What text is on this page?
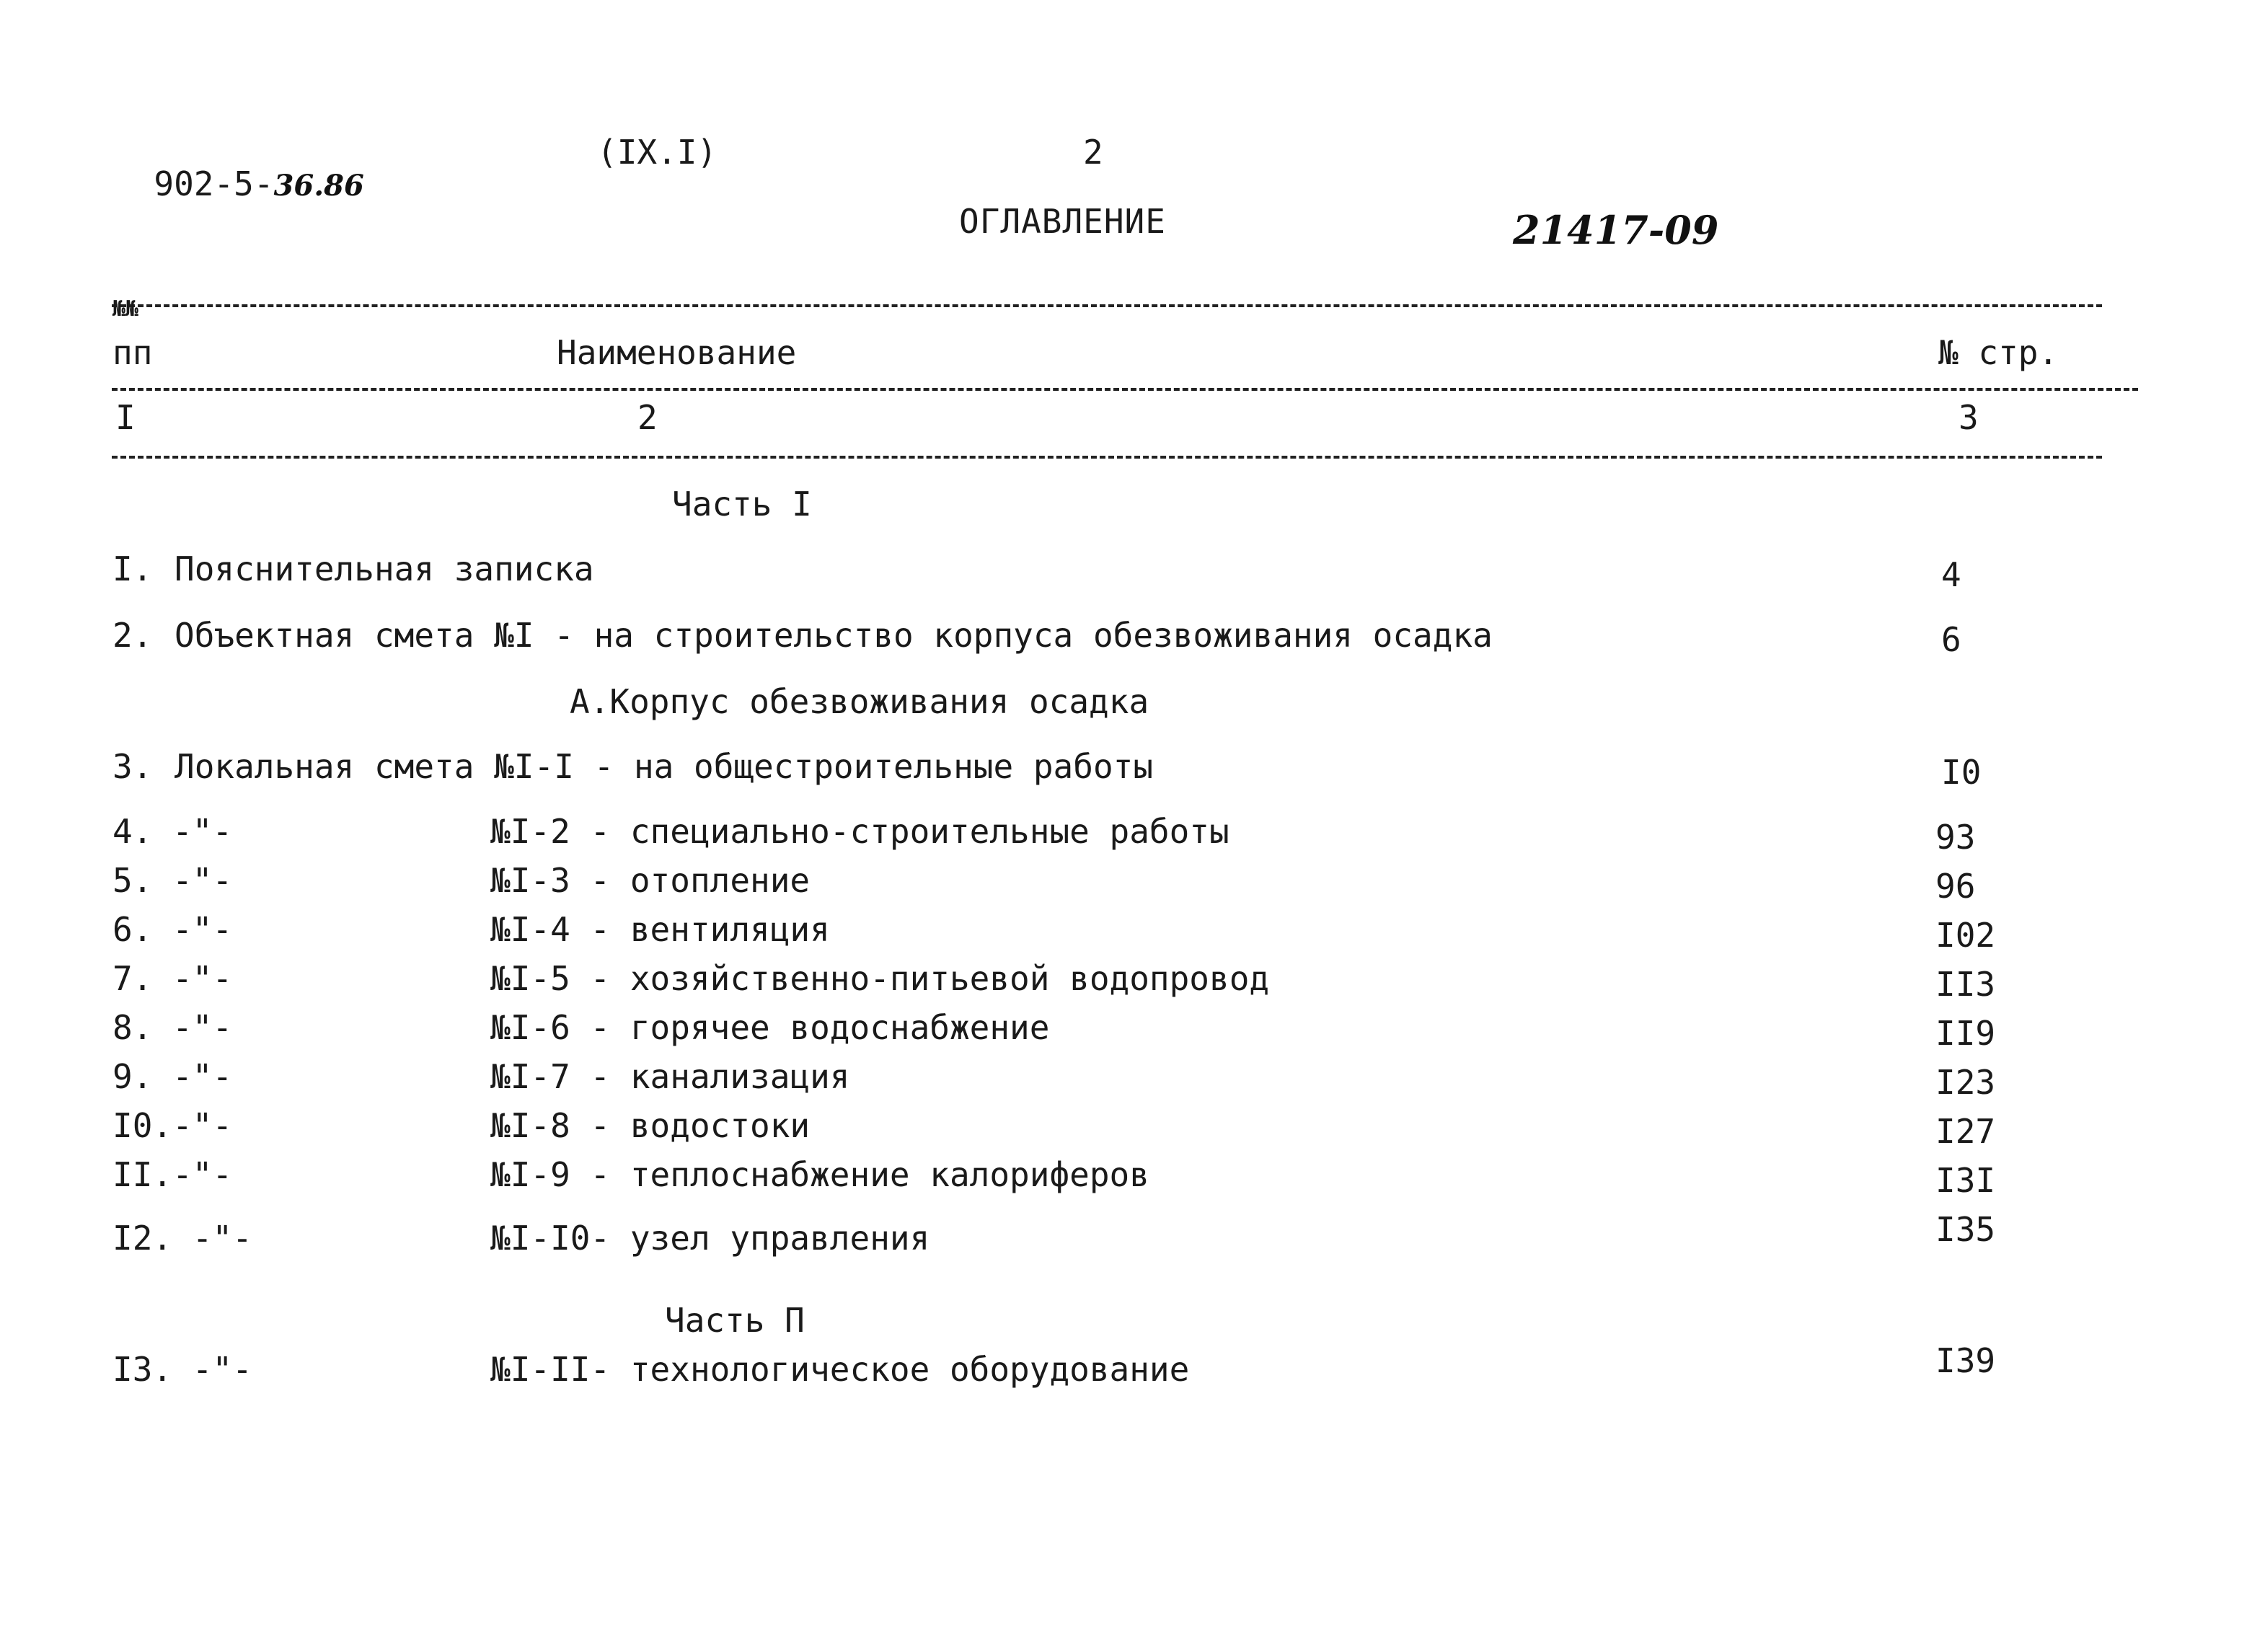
902-5-36.86

(IX.I)	2
ОГЛАВЛЕНИЕ	21417-09
№№
пп	Наименование	№ стр.
I	2	3
Часть I
I. Пояснительная записка	4
2. Объектная смета №I - на строительство корпуса обезвоживания осадка	6
А.Корпус обезвоживания осадка
3. Локальная смета №I-I - на общестроительные работы	I0
4. -"-	№I-2 - специально-строительные работы	93
5. -"-	№I-3 - отопление	96
6. -"-	№I-4 - вентиляция	I02
7. -"-	№I-5 - хозяйственно-питьевой водопровод	II3
8. -"-	№I-6 - горячее водоснабжение	II9
9. -"-	№I-7 - канализация	I23
I0.-"-	№I-8 - водостоки	I27
II.-"-	№I-9 - теплоснабжение калориферов	I3I
I2. -"-	№I-I0- узел управления	I35
Часть П
I3. -"-	№I-II- технологическое оборудование	I39
